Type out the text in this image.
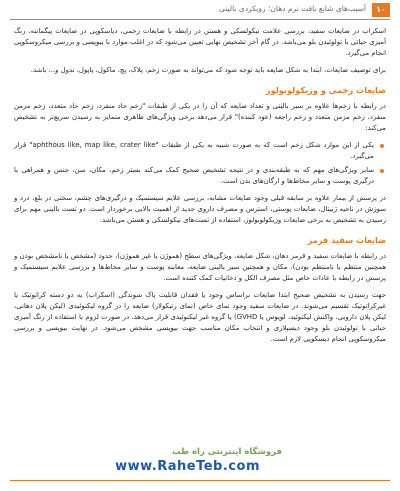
۱۰
آسیب‌های شایع بافت نرم دهان؛ رویکردی بالینی

اسکراب در ضایعات سفید، بررسی علامت نیکولسکی و هستن در رابطه با ضایعات زخمی، دیاسکوپی در ضایعات پیگمانته، رنگ آمیزی حیاتی با تولوئیدن بلو می‌باشد. در گام آخر تشخیص نهایی تعیین می‌شود که در اغلب موارد با بیوپسی و بررسی میکروسکوپی انجام می‌گیرد.

برای توصیف ضایعات، ابتدا به شکل ضایعه باید توجه شود که می‌تواند به صورت زخم، پلاک، پچ، ماکول، پاپول، ندول و... باشد.

ضایعات زخمی و وزیکولوبولوز

در رابطه با زخم‌ها علاوه بر سیر بالینی و تعداد ضایعه که آن را در یکی از طبقات "زخم حاد منفرد، زخم حاد متعدد، زخم مزمن منفرد، زخم مزمن متعدد و زخم راجعه (عود کننده)" قرار می‌دهد برخی ویژگی‌های ظاهری متمایز به رسیدن سریع‌تر به تشخیص می‌کند:

یکی از این موارد شکل زخم است که به صورت شبیه به یکی از طبقات "aphthous like, map like, crater like" قرار می‌گیرد.
سایر ویژگی‌های مهم که به طبقه‌بندی و در نتیجه تشخیص صحیح کمک می‌کند بستر زخم، مکان، سن، جنس و همراهی با درگیری پوست و سایر مخاط‌ها و ارگان‌های بدن است.

در پرسش از بیمار علاوه بر سابقه قبلی وجود ضایعات مشابه، بررسی علایم سیستمیک و درگیری‌های چشم، سختی در بلع، درد و سوزش در ناحیه ژنیتال، ضایعات پوستی، استرس و مصرف داروی جدید از اهمیت بالایی برخوردار است. دو تست بالینی مهم برای رسیدن به تشخیص به برخی ضایعات وزیکولوبولوز، استفاده از تست‌های نیکولسکی و هستن می‌باشد.

ضایعات سفید قرمز

در رابطه با ضایعات سفید و قرمز دهان، شکل ضایعه، ویژگی‌های سطح (هموژن یا غیر هموژن)، حدود (مشخص یا نامشخص بودن و همچنین منتظم یا نامنتظم بودن)، مکان و همچنین سیر بالینی ضایعه، معاینه پوست و سایر مخاط‌ها و بررسی علایم سیستمیک و پرسش در رابطه با عادات خاص مثل مصرف الکل و دخانیات کمک کننده است.

جهت رسیدن به تشخیص صحیح ابتدا ضایعات براساس وجود یا فقدان قابلیت پاک شوندگی (اسکراب) به دو دسته کراتوتیک یا غیرکراتوتیک تقسیم می‌شوند. در ضایعات سفید وجود نمای خاص (نمای رتیکولار) ضایعه را در گروه لیکنوئیدی (لیکن پلان دهانی، لیکن پلان دارویی، واکنش لیکنوئید، لوپوس یا GVHD) یا گروه غیر لیکنوئیدی قرار می‌دهد. در صورت لزوم با استفاده از رنگ آمیزی حیاتی با تولوئیدن بلو وجود دیسپلازی و انتخاب مکان مناسب جهت بیوپسی مشخص می‌شود. در نهایت بیوپسی و بررسی میکروسکوپی انجام دیسکوپی لازم است.

فروشگاه اینترنتی راه طب
www.RaheTeb.com
